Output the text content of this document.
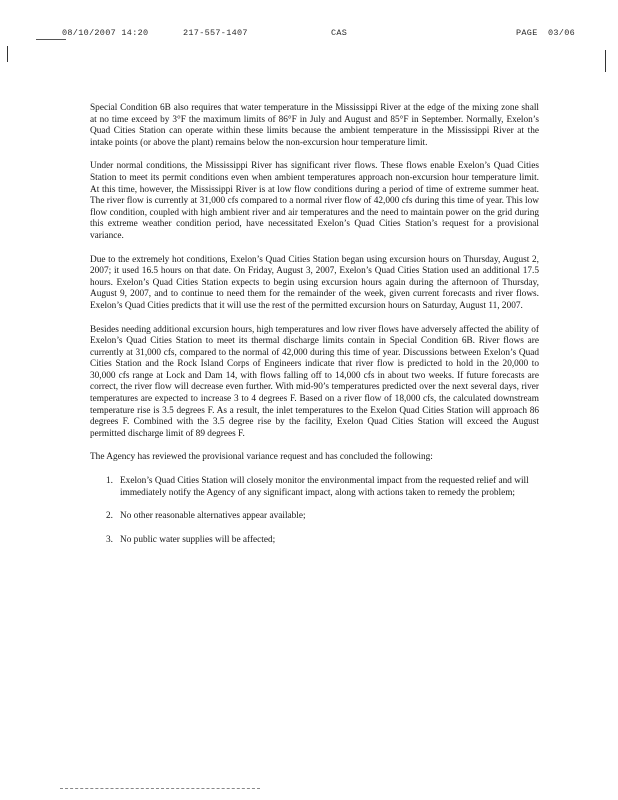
08/10/2007 14:20	217-557-1407	CAS	PAGE 03/06

Special Condition 6B also requires that water temperature in the Mississippi River at the edge of the mixing zone shall at no time exceed by 3°F the maximum limits of 86°F in July and August and 85°F in September. Normally, Exelon’s Quad Cities Station can operate within these limits because the ambient temperature in the Mississippi River at the intake points (or above the plant) remains below the non-excursion hour temperature limit.

Under normal conditions, the Mississippi River has significant river flows. These flows enable Exelon’s Quad Cities Station to meet its permit conditions even when ambient temperatures approach non-excursion hour temperature limit. At this time, however, the Mississippi River is at low flow conditions during a period of time of extreme summer heat. The river flow is currently at 31,000 cfs compared to a normal river flow of 42,000 cfs during this time of year. This low flow condition, coupled with high ambient river and air temperatures and the need to maintain power on the grid during this extreme weather condition period, have necessitated Exelon’s Quad Cities Station’s request for a provisional variance.

Due to the extremely hot conditions, Exelon’s Quad Cities Station began using excursion hours on Thursday, August 2, 2007; it used 16.5 hours on that date. On Friday, August 3, 2007, Exelon’s Quad Cities Station used an additional 17.5 hours. Exelon’s Quad Cities Station expects to begin using excursion hours again during the afternoon of Thursday, August 9, 2007, and to continue to need them for the remainder of the week, given current forecasts and river flows. Exelon’s Quad Cities predicts that it will use the rest of the permitted excursion hours on Saturday, August 11, 2007.

Besides needing additional excursion hours, high temperatures and low river flows have adversely affected the ability of Exelon’s Quad Cities Station to meet its thermal discharge limits contain in Special Condition 6B. River flows are currently at 31,000 cfs, compared to the normal of 42,000 during this time of year. Discussions between Exelon’s Quad Cities Station and the Rock Island Corps of Engineers indicate that river flow is predicted to hold in the 20,000 to 30,000 cfs range at Lock and Dam 14, with flows falling off to 14,000 cfs in about two weeks. If future forecasts are correct, the river flow will decrease even further. With mid-90’s temperatures predicted over the next several days, river temperatures are expected to increase 3 to 4 degrees F. Based on a river flow of 18,000 cfs, the calculated downstream temperature rise is 3.5 degrees F. As a result, the inlet temperatures to the Exelon Quad Cities Station will approach 86 degrees F. Combined with the 3.5 degree rise by the facility, Exelon Quad Cities Station will exceed the August permitted discharge limit of 89 degrees F.

The Agency has reviewed the provisional variance request and has concluded the following:

1. Exelon’s Quad Cities Station will closely monitor the environmental impact from the requested relief and will immediately notify the Agency of any significant impact, along with actions taken to remedy the problem;
2. No other reasonable alternatives appear available;
3. No public water supplies will be affected;
